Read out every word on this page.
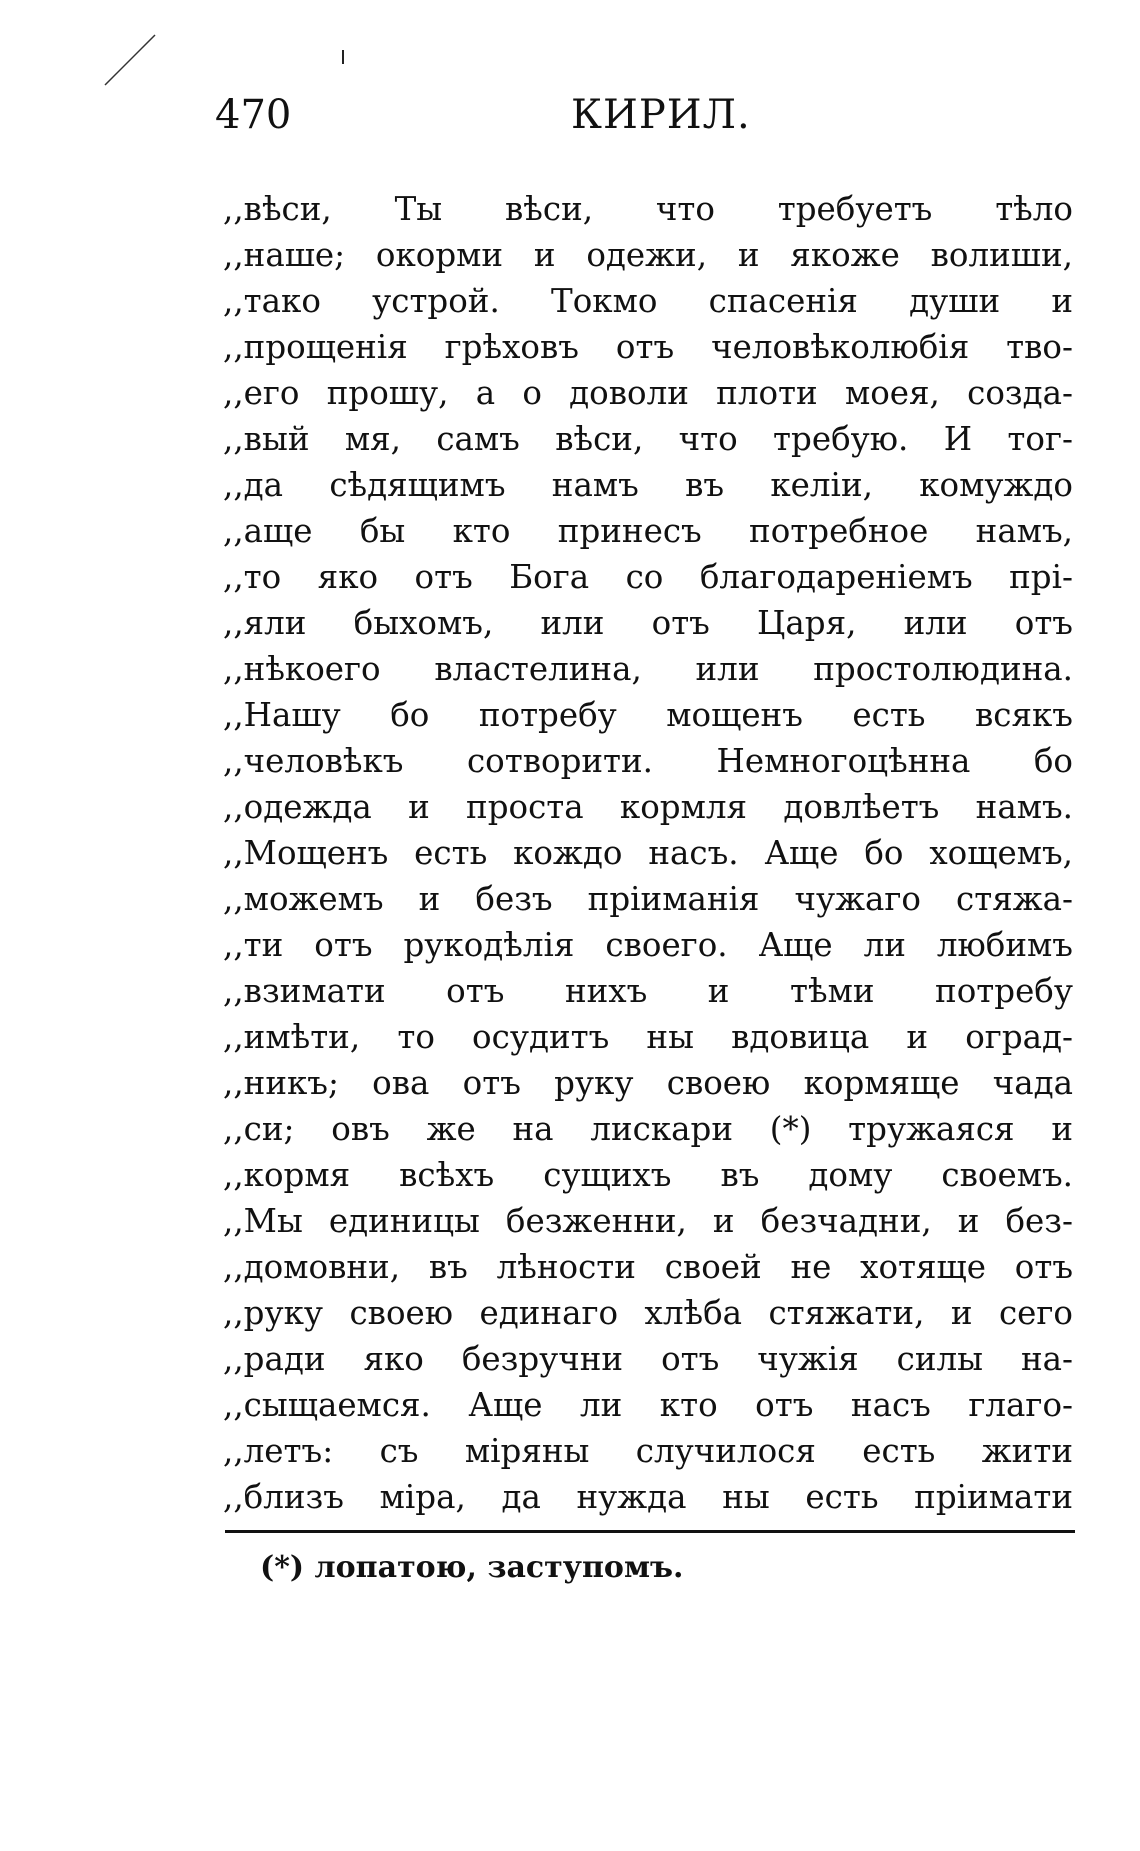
470	КИРИЛ.
,,вѣси, Ты вѣси, что требуетъ тѣло
,,наше; окорми и одежи, и якоже волиши,
,,тако устрой. Токмо спасенія души и
,,прощенія грѣховъ отъ человѣколюбія тво-
,,его прошу, а о доволи плоти моея, созда-
,,вый мя, самъ вѣси, что требую. И тог-
,,да сѣдящимъ намъ въ келіи, комуждо
,,аще бы кто принесъ потребное намъ,
,,то яко отъ Бога со благодареніемъ прі-
,,яли быхомъ, или отъ Царя, или отъ
,,нѣкоего властелина, или простолюдина.
,,Нашу бо потребу мощенъ есть всякъ
,,человѣкъ сотворити. Немногоцѣнна бо
,,одежда и проста кормля довлѣетъ намъ.
,,Мощенъ есть кождо насъ. Аще бо хощемъ,
,,можемъ и безъ пріиманія чужаго стяжа-
,,ти отъ рукодѣлія своего. Аще ли любимъ
,,взимати отъ нихъ и тѣми потребу
,,имѣти, то осудитъ ны вдовица и оград-
,,никъ; ова отъ руку своею кормяще чада
,,си; овъ же на лискари (*) тружаяся и
,,кормя всѣхъ сущихъ въ дому своемъ.
,,Мы единицы безженни, и безчадни, и без-
,,домовни, въ лѣности своей не хотяще отъ
,,руку своею единаго хлѣба стяжати, и сего
,,ради яко безручни отъ чужія силы на-
,,сыщаемся. Аще ли кто отъ насъ глаго-
,,летъ: съ міряны случилося есть жити
,,близъ міра, да нужда ны есть пріимати
(*) лопатою, заступомъ.
